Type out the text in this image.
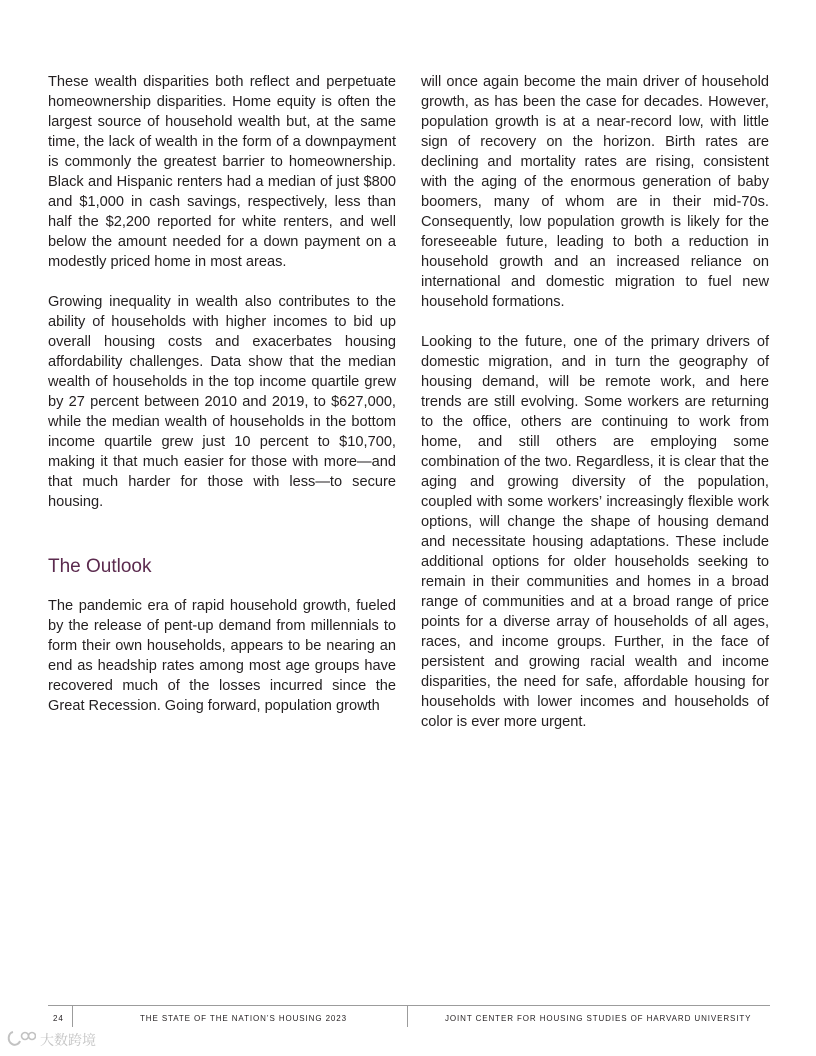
These wealth disparities both reflect and perpetuate homeownership disparities. Home equity is often the largest source of household wealth but, at the same time, the lack of wealth in the form of a downpayment is commonly the greatest barrier to homeownership. Black and Hispanic renters had a median of just $800 and $1,000 in cash savings, respectively, less than half the $2,200 reported for white renters, and well below the amount needed for a down payment on a modestly priced home in most areas.

Growing inequality in wealth also contributes to the ability of households with higher incomes to bid up overall housing costs and exacerbates housing affordability challenges. Data show that the median wealth of households in the top income quartile grew by 27 percent between 2010 and 2019, to $627,000, while the median wealth of households in the bottom income quartile grew just 10 percent to $10,700, making it that much easier for those with more—and that much harder for those with less—to secure housing.

The Outlook

The pandemic era of rapid household growth, fueled by the release of pent-up demand from millennials to form their own households, appears to be nearing an end as headship rates among most age groups have recovered much of the losses incurred since the Great Recession. Going forward, population growth

will once again become the main driver of household growth, as has been the case for decades. However, population growth is at a near-record low, with little sign of recovery on the horizon. Birth rates are declining and mortality rates are rising, consistent with the aging of the enormous generation of baby boomers, many of whom are in their mid-70s. Consequently, low population growth is likely for the foreseeable future, leading to both a reduction in household growth and an increased reliance on international and domestic migration to fuel new household formations.

Looking to the future, one of the primary drivers of domestic migration, and in turn the geography of housing demand, will be remote work, and here trends are still evolving. Some workers are returning to the office, others are continuing to work from home, and still others are employing some combination of the two. Regardless, it is clear that the aging and growing diversity of the population, coupled with some workers’ increasingly flexible work options, will change the shape of housing demand and necessitate housing adaptations. These include additional options for older households seeking to remain in their communities and homes in a broad range of communities and at a broad range of price points for a diverse array of households of all ages, races, and income groups. Further, in the face of persistent and growing racial wealth and income disparities, the need for safe, affordable housing for households with lower incomes and households of color is ever more urgent.

24	THE STATE OF THE NATION’S HOUSING 2023	JOINT CENTER FOR HOUSING STUDIES OF HARVARD UNIVERSITY
大数跨境
